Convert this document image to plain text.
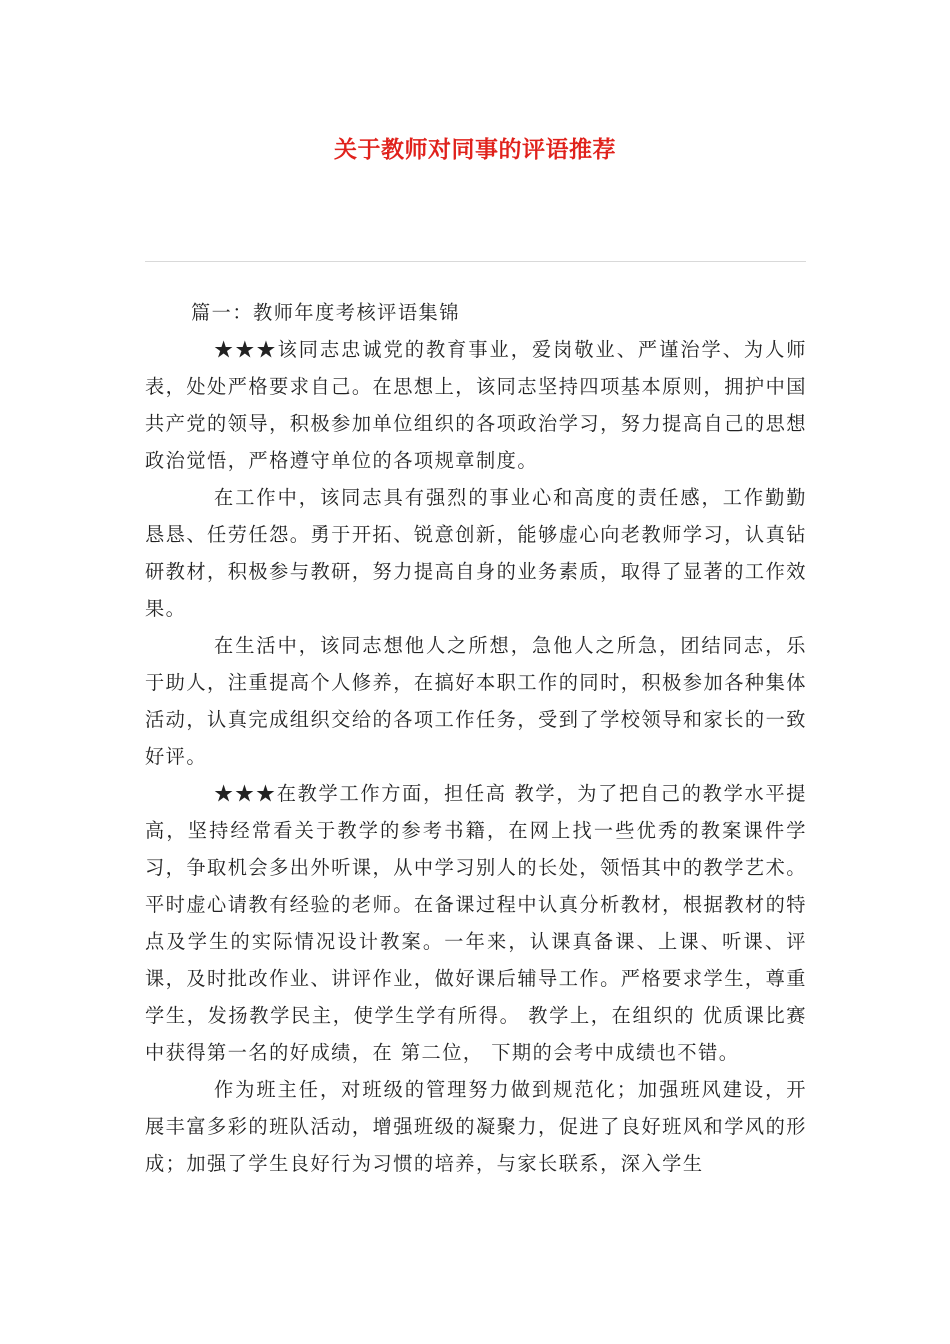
关于教师对同事的评语推荐

篇一：教师年度考核评语集锦

★★★该同志忠诚党的教育事业，爱岗敬业、严谨治学、为人师表，处处严格要求自己。在思想上，该同志坚持四项基本原则，拥护中国共产党的领导，积极参加单位组织的各项政治学习，努力提高自己的思想政治觉悟，严格遵守单位的各项规章制度。

在工作中，该同志具有强烈的事业心和高度的责任感，工作勤勤恳恳、任劳任怨。勇于开拓、锐意创新，能够虚心向老教师学习，认真钻研教材，积极参与教研，努力提高自身的业务素质，取得了显著的工作效果。

在生活中，该同志想他人之所想，急他人之所急，团结同志，乐于助人，注重提高个人修养，在搞好本职工作的同时，积极参加各种集体活动，认真完成组织交给的各项工作任务，受到了学校领导和家长的一致好评。

★★★在教学工作方面，担任高 教学，为了把自己的教学水平提高，坚持经常看关于教学的参考书籍，在网上找一些优秀的教案课件学习，争取机会多出外听课，从中学习别人的长处，领悟其中的教学艺术。平时虚心请教有经验的老师。在备课过程中认真分析教材，根据教材的特点及学生的实际情况设计教案。一年来，认课真备课、上课、听课、评课，及时批改作业、讲评作业，做好课后辅导工作。严格要求学生，尊重学生，发扬教学民主，使学生学有所得。 教学上，在组织的 优质课比赛中获得第一名的好成绩，在 第二位， 下期的会考中成绩也不错。

作为班主任，对班级的管理努力做到规范化；加强班风建设，开展丰富多彩的班队活动，增强班级的凝聚力，促进了良好班风和学风的形成；加强了学生良好行为习惯的培养，与家长联系，深入学生
